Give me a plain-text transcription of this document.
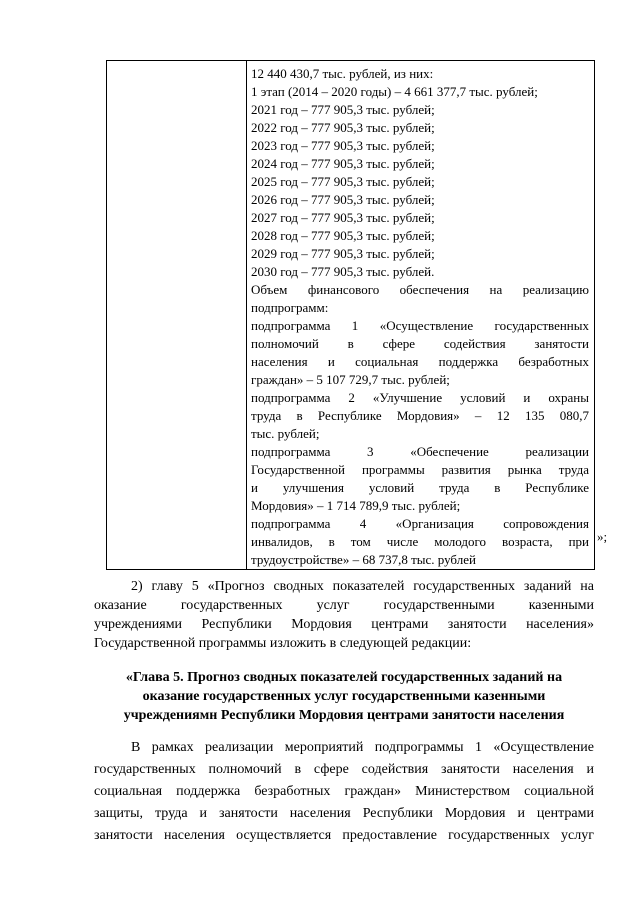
12 440 430,7 тыс. рублей, из них:
1 этап (2014 – 2020 годы) – 4 661 377,7 тыс. рублей;
2021 год – 777 905,3 тыс. рублей;
2022 год – 777 905,3 тыс. рублей;
2023 год – 777 905,3 тыс. рублей;
2024 год – 777 905,3 тыс. рублей;
2025 год – 777 905,3 тыс. рублей;
2026 год – 777 905,3 тыс. рублей;
2027 год – 777 905,3 тыс. рублей;
2028 год – 777 905,3 тыс. рублей;
2029 год – 777 905,3 тыс. рублей;
2030 год – 777 905,3 тыс. рублей.
Объем финансового обеспечения на реализацию
подпрограмм:
подпрограмма 1 «Осуществление государственных
полномочий в сфере содействия занятости
населения и социальная поддержка безработных
граждан» – 5 107 729,7 тыс. рублей;
подпрограмма 2 «Улучшение условий и охраны
труда в Республике Мордовия» – 12 135 080,7
тыс. рублей;
подпрограмма 3 «Обеспечение реализации
Государственной программы развития рынка труда
и улучшения условий труда в Республике
Мордовия» – 1 714 789,9 тыс. рублей;
подпрограмма 4 «Организация сопровождения
инвалидов, в том числе молодого возраста, при
трудоустройстве» – 68 737,8 тыс. рублей
»;
2) главу 5 «Прогноз сводных показателей государственных заданий на
оказание государственных услуг государственными казенными
учреждениями Республики Мордовия центрами занятости населения»
Государственной программы изложить в следующей редакции:
«Глава 5. Прогноз сводных показателей государственных заданий на
оказание государственных услуг государственными казенными
учреждениямн Республики Мордовия центрами занятости населения
В рамках реализации мероприятий подпрограммы 1 «Осуществление
государственных полномочий в сфере содействия занятости населения и
социальная поддержка безработных граждан» Министерством социальной
защиты, труда и занятости населения Республики Мордовия и центрами
занятости населения осуществляется предоставление государственных услуг
